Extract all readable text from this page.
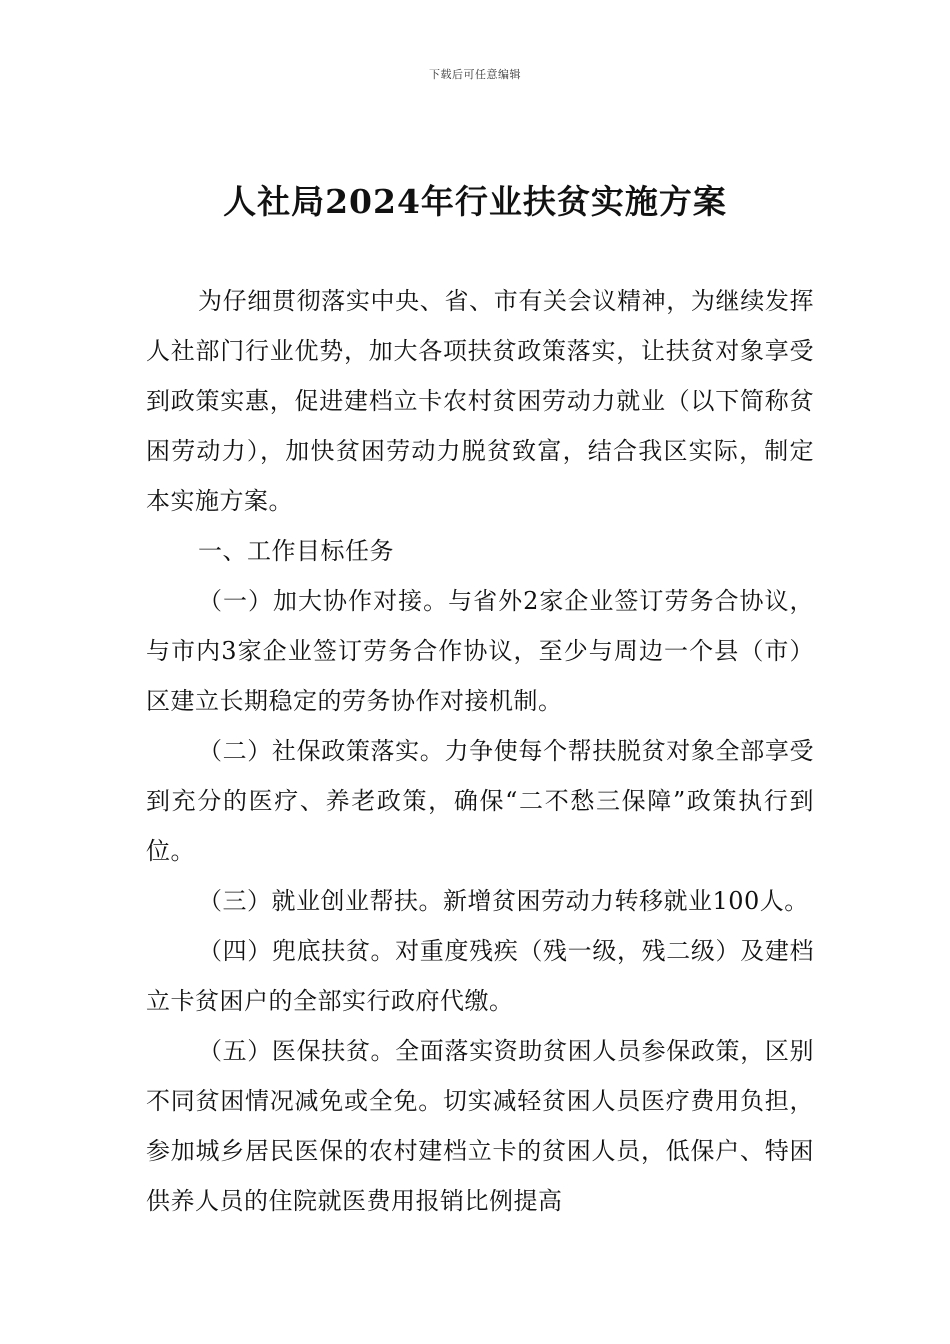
下载后可任意编辑
人社局2024年行业扶贫实施方案

为仔细贯彻落实中央、省、市有关会议精神，为继续发挥人社部门行业优势，加大各项扶贫政策落实，让扶贫对象享受到政策实惠，促进建档立卡农村贫困劳动力就业（以下简称贫困劳动力），加快贫困劳动力脱贫致富，结合我区实际，制定本实施方案。

一、工作目标任务

（一）加大协作对接。与省外2家企业签订劳务合协议，与市内3家企业签订劳务合作协议，至少与周边一个县（市）区建立长期稳定的劳务协作对接机制。

（二）社保政策落实。力争使每个帮扶脱贫对象全部享受到充分的医疗、养老政策，确保“二不愁三保障”政策执行到位。

（三）就业创业帮扶。新增贫困劳动力转移就业100人。

（四）兜底扶贫。对重度残疾（残一级，残二级）及建档立卡贫困户的全部实行政府代缴。

（五）医保扶贫。全面落实资助贫困人员参保政策，区别不同贫困情况减免或全免。切实减轻贫困人员医疗费用负担，参加城乡居民医保的农村建档立卡的贫困人员，低保户、特困供养人员的住院就医费用报销比例提高
